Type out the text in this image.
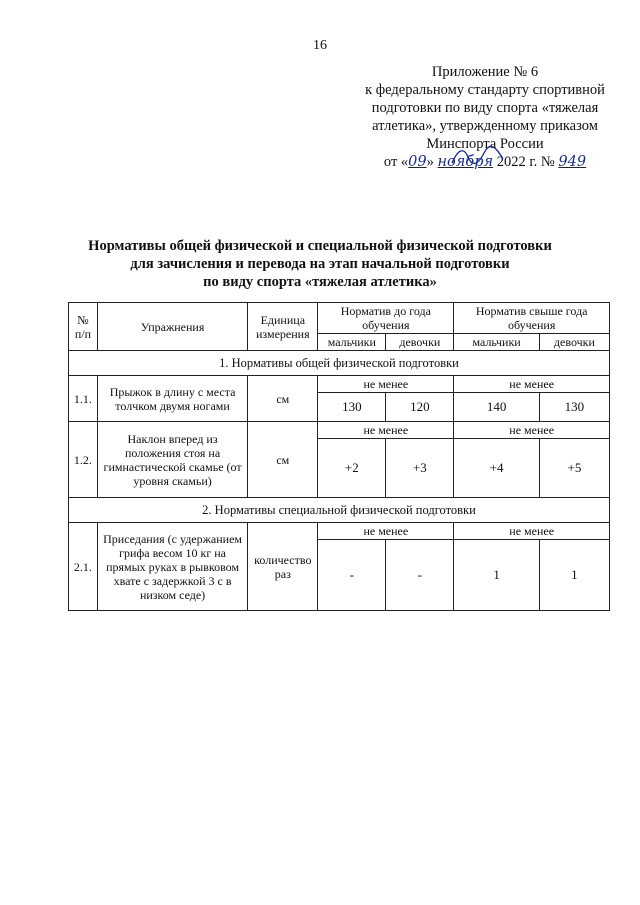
16
Приложение № 6
к федеральному стандарту спортивной
подготовки по виду спорта «тяжелая
атлетика», утвержденному приказом
Минспорта России
от «09» ноября 2022 г. № 949
Нормативы общей физической и специальной физической подготовки
для зачисления и перевода на этап начальной подготовки
по виду спорта «тяжелая атлетика»
№ п/п	Упражнения	Единица измерения	Норматив до года обучения		Норматив свыше года обучения	
			мальчики	девочки	мальчики	девочки
1. Нормативы общей физической подготовки						
1.1.	Прыжок в длину с места толчком двумя ногами	см	не менее		не менее	
			130	120	140	130
1.2.	Наклон вперед из положения стоя на гимнастической скамье (от уровня скамьи)	см	не менее		не менее	
			+2	+3	+4	+5
2. Нормативы специальной физической подготовки						
2.1.	Приседания (с удержанием грифа весом 10 кг на прямых руках в рывковом хвате с задержкой 3 с в низком седе)	количество раз	не менее		не менее	
			-	-	1	1
